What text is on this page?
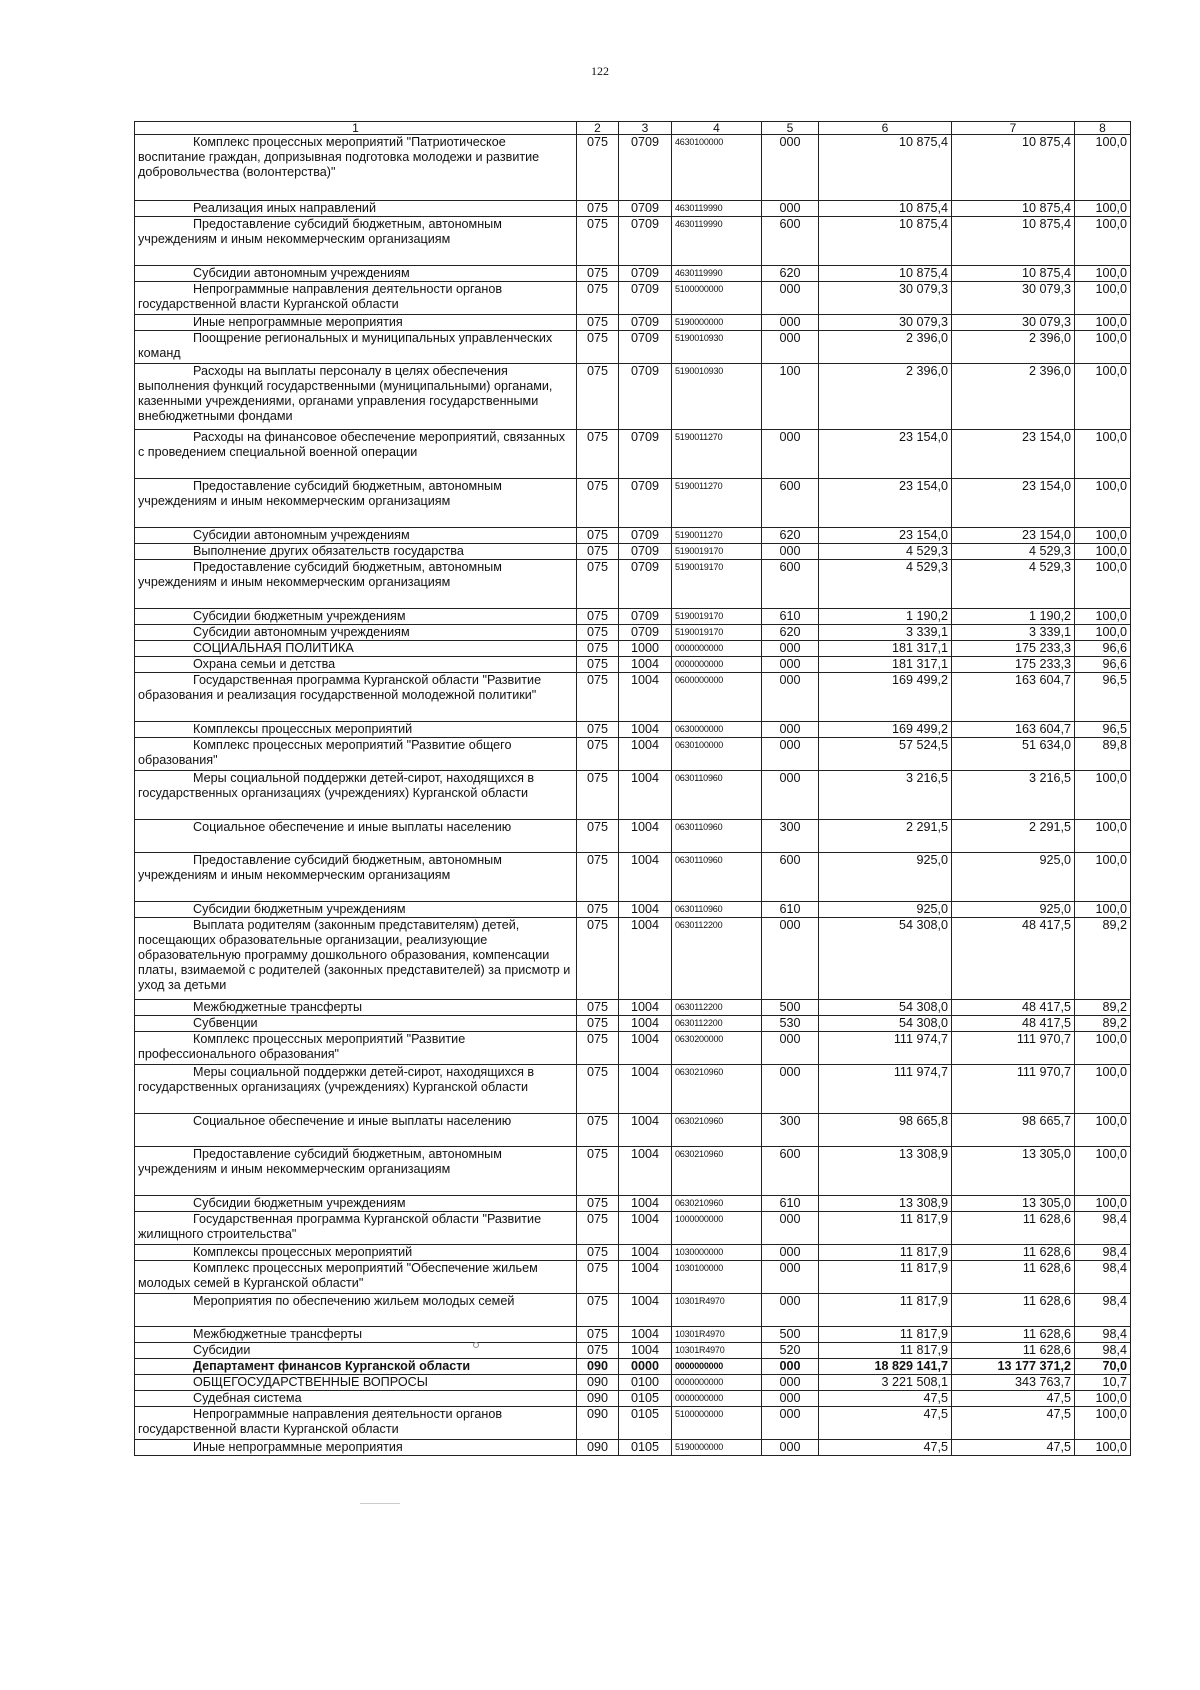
122
1	2	3	4	5	6	7	8
Комплекс процессных мероприятий "Патриотическое воспитание граждан, допризывная подготовка молодежи и развитие добровольчества (волонтерства)"	075	0709	4630100000	000	10 875,4	10 875,4	100,0
Реализация иных направлений	075	0709	4630119990	000	10 875,4	10 875,4	100,0
Предоставление субсидий бюджетным, автономным учреждениям и иным некоммерческим организациям	075	0709	4630119990	600	10 875,4	10 875,4	100,0
Субсидии автономным учреждениям	075	0709	4630119990	620	10 875,4	10 875,4	100,0
Непрограммные направления деятельности органов государственной власти Курганской области	075	0709	5100000000	000	30 079,3	30 079,3	100,0
Иные непрограммные мероприятия	075	0709	5190000000	000	30 079,3	30 079,3	100,0
Поощрение региональных и муниципальных управленческих команд	075	0709	5190010930	000	2 396,0	2 396,0	100,0
Расходы на выплаты персоналу в целях обеспечения выполнения функций государственными (муниципальными) органами, казенными учреждениями, органами управления государственными внебюджетными фондами	075	0709	5190010930	100	2 396,0	2 396,0	100,0
Расходы на финансовое обеспечение мероприятий, связанных с проведением специальной военной операции	075	0709	5190011270	000	23 154,0	23 154,0	100,0
Предоставление субсидий бюджетным, автономным учреждениям и иным некоммерческим организациям	075	0709	5190011270	600	23 154,0	23 154,0	100,0
Субсидии автономным учреждениям	075	0709	5190011270	620	23 154,0	23 154,0	100,0
Выполнение других обязательств государства	075	0709	5190019170	000	4 529,3	4 529,3	100,0
Предоставление субсидий бюджетным, автономным учреждениям и иным некоммерческим организациям	075	0709	5190019170	600	4 529,3	4 529,3	100,0
Субсидии бюджетным учреждениям	075	0709	5190019170	610	1 190,2	1 190,2	100,0
Субсидии автономным учреждениям	075	0709	5190019170	620	3 339,1	3 339,1	100,0
СОЦИАЛЬНАЯ ПОЛИТИКА	075	1000	0000000000	000	181 317,1	175 233,3	96,6
Охрана семьи и детства	075	1004	0000000000	000	181 317,1	175 233,3	96,6
Государственная программа Курганской области "Развитие образования и реализация государственной молодежной политики"	075	1004	0600000000	000	169 499,2	163 604,7	96,5
Комплексы процессных мероприятий	075	1004	0630000000	000	169 499,2	163 604,7	96,5
Комплекс процессных мероприятий "Развитие общего образования"	075	1004	0630100000	000	57 524,5	51 634,0	89,8
Меры социальной поддержки детей-сирот, находящихся в государственных организациях (учреждениях) Курганской области	075	1004	0630110960	000	3 216,5	3 216,5	100,0
Социальное обеспечение и иные выплаты населению	075	1004	0630110960	300	2 291,5	2 291,5	100,0
Предоставление субсидий бюджетным, автономным учреждениям и иным некоммерческим организациям	075	1004	0630110960	600	925,0	925,0	100,0
Субсидии бюджетным учреждениям	075	1004	0630110960	610	925,0	925,0	100,0
Выплата родителям (законным представителям) детей, посещающих образовательные организации, реализующие образовательную программу дошкольного образования, компенсации платы, взимаемой с родителей (законных представителей) за присмотр и уход за детьми	075	1004	0630112200	000	54 308,0	48 417,5	89,2
Межбюджетные трансферты	075	1004	0630112200	500	54 308,0	48 417,5	89,2
Субвенции	075	1004	0630112200	530	54 308,0	48 417,5	89,2
Комплекс процессных мероприятий "Развитие профессионального образования"	075	1004	0630200000	000	111 974,7	111 970,7	100,0
Меры социальной поддержки детей-сирот, находящихся в государственных организациях (учреждениях) Курганской области	075	1004	0630210960	000	111 974,7	111 970,7	100,0
Социальное обеспечение и иные выплаты населению	075	1004	0630210960	300	98 665,8	98 665,7	100,0
Предоставление субсидий бюджетным, автономным учреждениям и иным некоммерческим организациям	075	1004	0630210960	600	13 308,9	13 305,0	100,0
Субсидии бюджетным учреждениям	075	1004	0630210960	610	13 308,9	13 305,0	100,0
Государственная программа Курганской области "Развитие жилищного строительства"	075	1004	1000000000	000	11 817,9	11 628,6	98,4
Комплексы процессных мероприятий	075	1004	1030000000	000	11 817,9	11 628,6	98,4
Комплекс процессных мероприятий "Обеспечение жильем молодых семей в Курганской области"	075	1004	1030100000	000	11 817,9	11 628,6	98,4
Мероприятия по обеспечению жильем молодых семей	075	1004	10301R4970	000	11 817,9	11 628,6	98,4
Межбюджетные трансферты	075	1004	10301R4970	500	11 817,9	11 628,6	98,4
Субсидии	075	1004	10301R4970	520	11 817,9	11 628,6	98,4
Департамент финансов Курганской области	090	0000	0000000000	000	18 829 141,7	13 177 371,2	70,0
ОБЩЕГОСУДАРСТВЕННЫЕ ВОПРОСЫ	090	0100	0000000000	000	3 221 508,1	343 763,7	10,7
Судебная система	090	0105	0000000000	000	47,5	47,5	100,0
Непрограммные направления деятельности органов государственной власти Курганской области	090	0105	5100000000	000	47,5	47,5	100,0
Иные непрограммные мероприятия	090	0105	5190000000	000	47,5	47,5	100,0
